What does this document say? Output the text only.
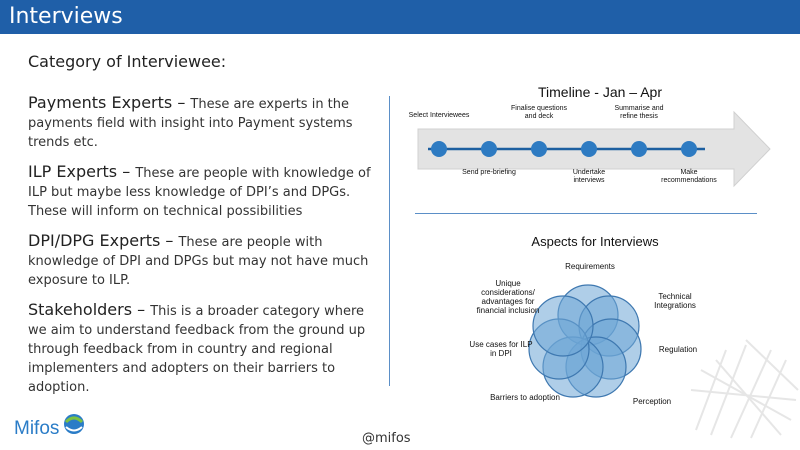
Interviews
Category of Interviewee:

Payments Experts – These are experts in the payments field with insight into Payment systems trends etc.

ILP Experts – These are people with knowledge of ILP but maybe less knowledge of DPI’s and DPGs. These will inform on technical possibilities

DPI/DPG Experts – These are people with knowledge of DPI and DPGs but may not have much exposure to ILP.

Stakeholders – This is a broader category where we aim to understand feedback from the ground up through feedback from in country and regional implementers and adopters on their barriers to adoption.

Timeline - Jan – Apr
Select Interviewees
Finalise questions and deck
Summarise and refine thesis
Send pre-briefing	Undertake interviews
Make recommendations
Aspects for Interviews
Requirements
Technical Integrations
Regulation
Perception
Barriers to adoption
Use cases for ILP in DPI
Unique considerations/ advantages for financial inclusion
Mifos	@mifos
